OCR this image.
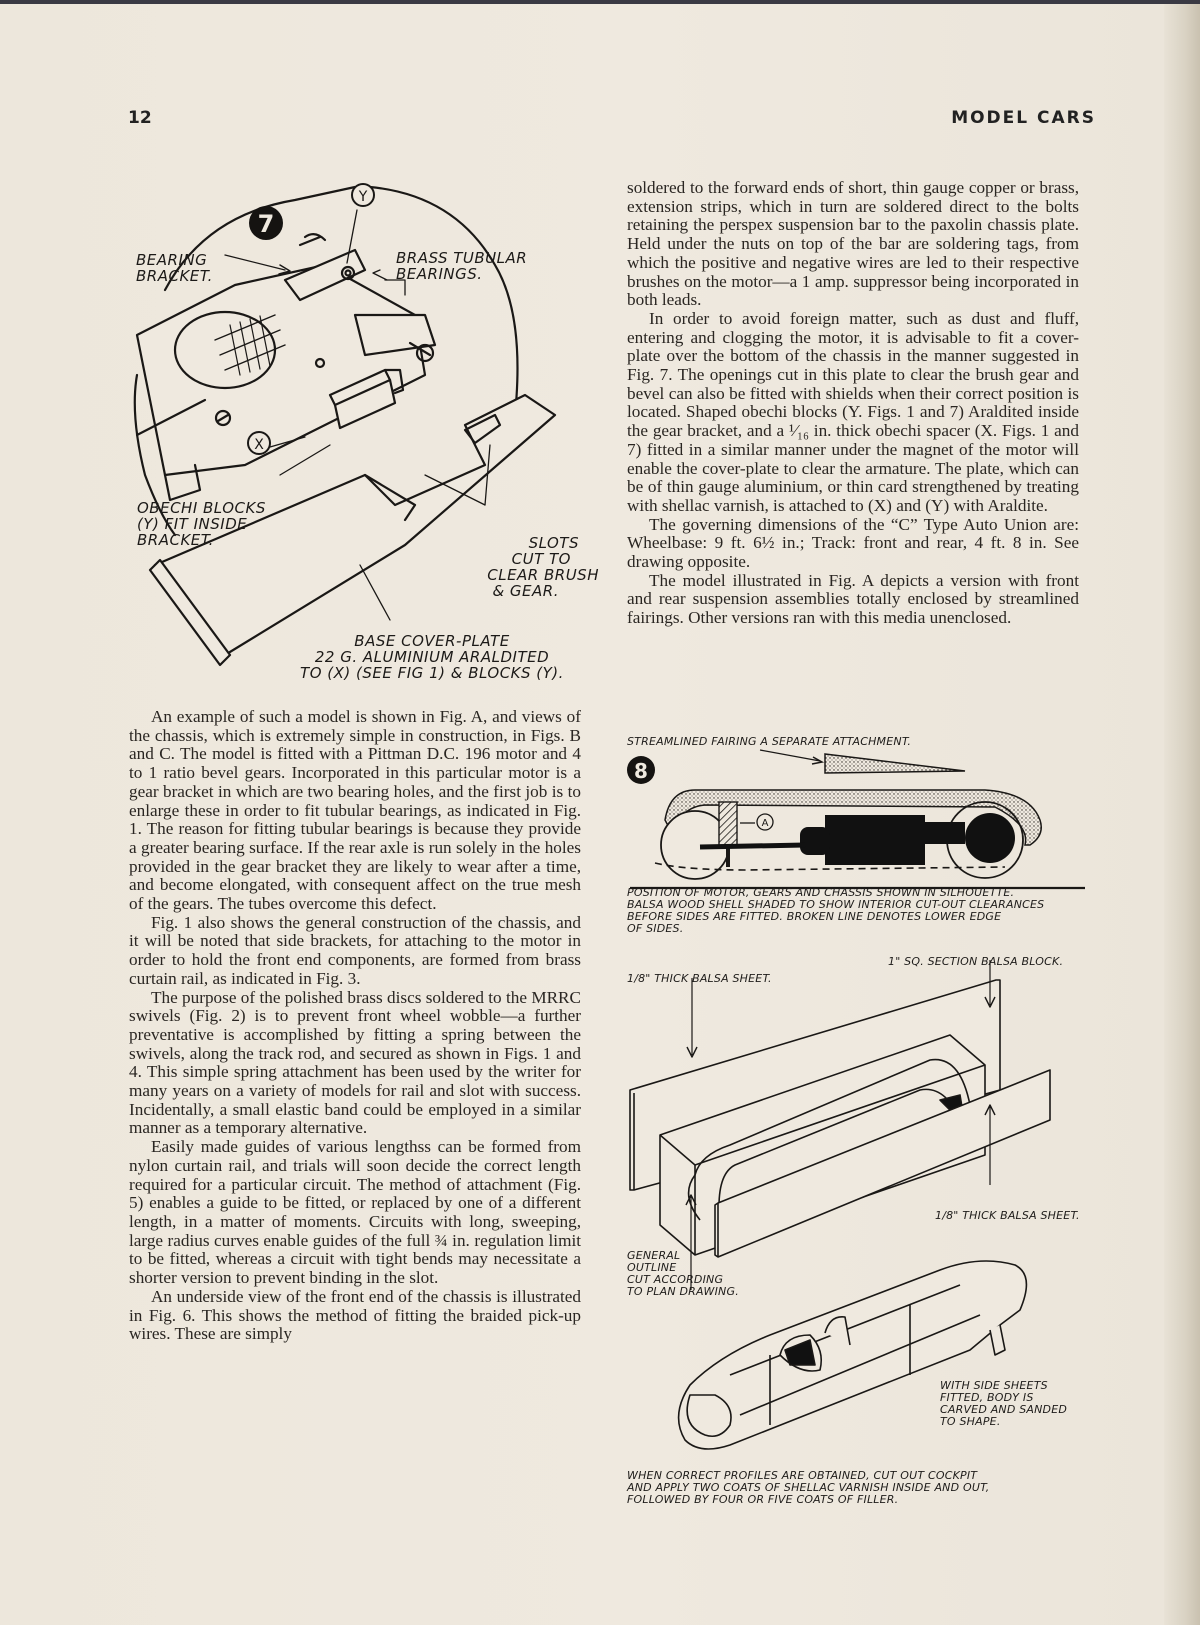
12	MODEL CARS
7
Y
X
BEARING
BRACKET.
BRASS TUBULAR
BEARINGS.
OBECHI BLOCKS
(Y) FIT INSIDE
BRACKET.	SLOTS
CUT TO
CLEAR BRUSH
& GEAR.
BASE COVER-PLATE
22 G. ALUMINIUM ARALDITED
TO (X) (SEE FIG 1) & BLOCKS (Y).

An example of such a model is shown in Fig. A, and views of the chassis, which is extremely simple in construction, in Figs. B and C. The model is fitted with a Pittman D.C. 196 motor and 4 to 1 ratio bevel gears. Incorporated in this particular motor is a gear bracket in which are two bearing holes, and the first job is to enlarge these in order to fit tubular bearings, as indicated in Fig. 1. The reason for fitting tubular bearings is because they provide a greater bearing surface. If the rear axle is run solely in the holes provided in the gear bracket they are likely to wear after a time, and become elongated, with consequent affect on the true mesh of the gears. The tubes overcome this defect.

Fig. 1 also shows the general construction of the chassis, and it will be noted that side brackets, for attaching to the motor in order to hold the front end components, are formed from brass curtain rail, as indicated in Fig. 3.

The purpose of the polished brass discs soldered to the MRRC swivels (Fig. 2) is to prevent front wheel wobble—a further preventative is accomplished by fitting a spring between the swivels, along the track rod, and secured as shown in Figs. 1 and 4. This simple spring attachment has been used by the writer for many years on a variety of models for rail and slot with success. Incidentally, a small elastic band could be employed in a similar manner as a temporary alternative.

Easily made guides of various lengthss can be formed from nylon curtain rail, and trials will soon decide the correct length required for a particular circuit. The method of attachment (Fig. 5) enables a guide to be fitted, or replaced by one of a different length, in a matter of moments. Circuits with long, sweeping, large radius curves enable guides of the full ¾ in. regulation limit to be fitted, whereas a circuit with tight bends may necessitate a shorter version to prevent binding in the slot.

An underside view of the front end of the chassis is illustrated in Fig. 6. This shows the method of fitting the braided pick-up wires. These are simply

soldered to the forward ends of short, thin gauge copper or brass, extension strips, which in turn are soldered direct to the bolts retaining the perspex suspension bar to the paxolin chassis plate. Held under the nuts on top of the bar are soldering tags, from which the positive and negative wires are led to their respective brushes on the motor—a 1 amp. suppressor being incorporated in both leads.

In order to avoid foreign matter, such as dust and fluff, entering and clogging the motor, it is advisable to fit a cover-plate over the bottom of the chassis in the manner suggested in Fig. 7. The openings cut in this plate to clear the brush gear and bevel can also be fitted with shields when their correct position is located. Shaped obechi blocks (Y. Figs. 1 and 7) Araldited inside the gear bracket, and a ¹⁄₁₆ in. thick obechi spacer (X. Figs. 1 and 7) fitted in a similar manner under the magnet of the motor will enable the cover-plate to clear the armature. The plate, which can be of thin gauge aluminium, or thin card strengthened by treating with shellac varnish, is attached to (X) and (Y) with Araldite.

The governing dimensions of the “C” Type Auto Union are: Wheelbase: 9 ft. 6½ in.; Track: front and rear, 4 ft. 8 in. See drawing opposite.

The model illustrated in Fig. A depicts a version with front and rear suspension assemblies totally enclosed by streamlined fairings. Other versions ran with this media unenclosed.

STREAMLINED FAIRING A SEPARATE ATTACHMENT.
8
A
POSITION OF MOTOR, GEARS AND CHASSIS SHOWN IN SILHOUETTE.
BALSA WOOD SHELL SHADED TO SHOW INTERIOR CUT-OUT CLEARANCES
BEFORE SIDES ARE FITTED. BROKEN LINE DENOTES LOWER EDGE
OF SIDES.
1" SQ. SECTION BALSA BLOCK.
1/8" THICK BALSA SHEET.
1/8" THICK BALSA SHEET.
GENERAL
OUTLINE
CUT ACCORDING
TO PLAN DRAWING.
WITH SIDE SHEETS
FITTED, BODY IS
CARVED AND SANDED
TO SHAPE.
WHEN CORRECT PROFILES ARE OBTAINED, CUT OUT COCKPIT
AND APPLY TWO COATS OF SHELLAC VARNISH INSIDE AND OUT,
FOLLOWED BY FOUR OR FIVE COATS OF FILLER.
